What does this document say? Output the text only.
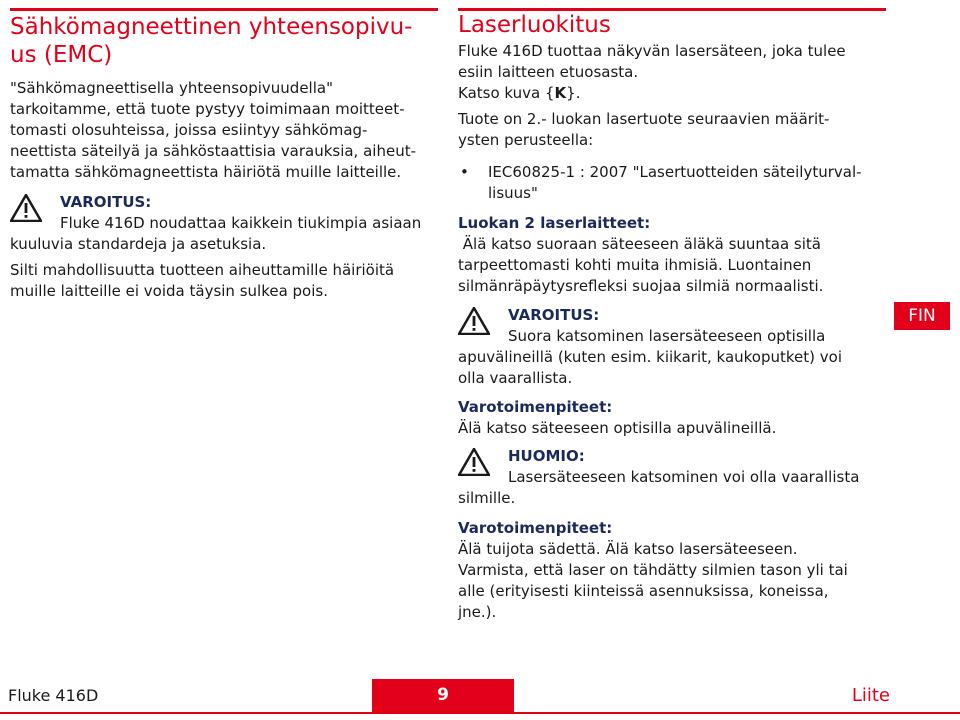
Sähkömagneettinen yhteensopivu-
us (EMC)

"Sähkömagneettisella yhteensopivuudella"
tarkoitamme, että tuote pystyy toimimaan moitteet-
tomasti olosuhteissa, joissa esiintyy sähkömag-
neettista säteilyä ja sähköstaattisia varauksia, aiheut-
tamatta sähkömagneettista häiriötä muille laitteille.

VAROITUS:

Fluke 416D noudattaa kaikkein tiukimpia asiaan

kuuluvia standardeja ja asetuksia.

Silti mahdollisuutta tuotteen aiheuttamille häiriöitä
muille laitteille ei voida täysin sulkea pois.

Laserluokitus

Fluke 416D tuottaa näkyvän lasersäteen, joka tulee
esiin laitteen etuosasta.
Katso kuva {K}.

Tuote on 2.- luokan lasertuote seuraavien määrit-
ysten perusteella:

• IEC60825-1 : 2007 "Lasertuotteiden säteilyturval-
lisuus"
Luokan 2 laserlaitteet:

Älä katso suoraan säteeseen äläkä suuntaa sitä
tarpeettomasti kohti muita ihmisiä. Luontainen
silmänräpäytysrefleksi suojaa silmiä normaalisti.

VAROITUS:

Suora katsominen lasersäteeseen optisilla

apuvälineillä (kuten esim. kiikarit, kaukoputket) voi
olla vaarallista.

Varotoimenpiteet:

Älä katso säteeseen optisilla apuvälineillä.

HUOMIO:

Lasersäteeseen katsominen voi olla vaarallista

silmille.

Varotoimenpiteet:

Älä tuijota sädettä. Älä katso lasersäteeseen.
Varmista, että laser on tähdätty silmien tason yli tai
alle (erityisesti kiinteissä asennuksissa, koneissa,
jne.).

FIN
Fluke 416D	9	Liite
